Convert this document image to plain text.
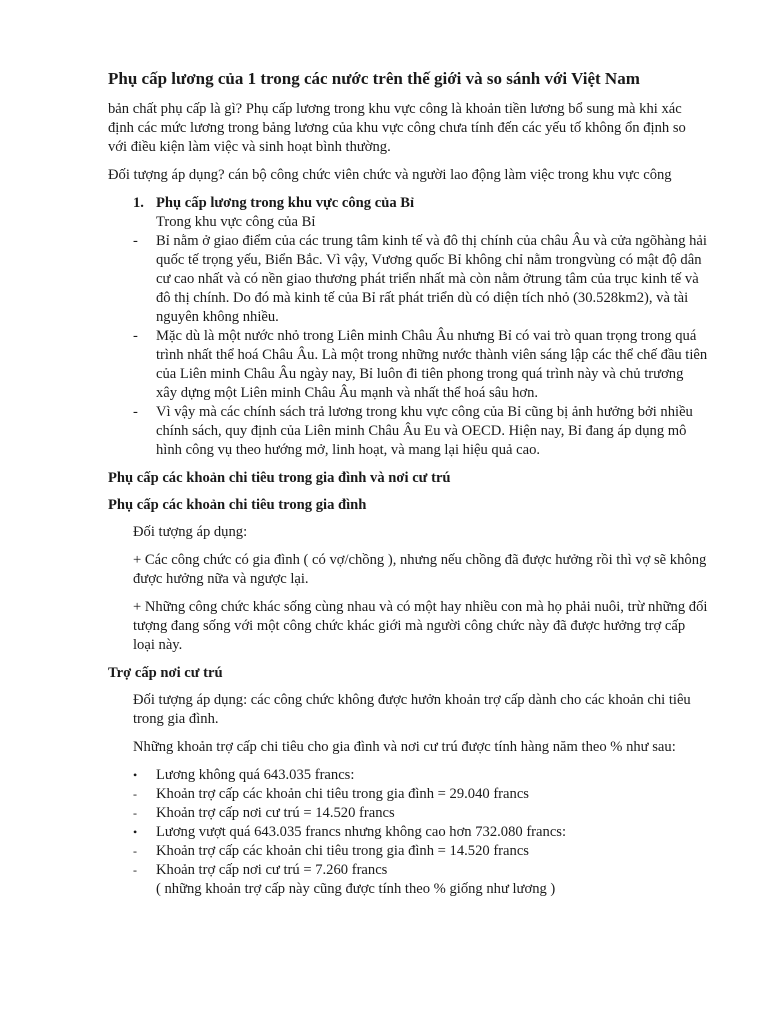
Phụ cấp lương của 1 trong các nước trên thế giới và so sánh với Việt Nam

bản chất phụ cấp là gì? Phụ cấp lương trong khu vực công là khoản tiền lương bổ sung mà khi xác định các mức lương trong bảng lương của khu vực công chưa tính đến các yếu tố không ổn định so với điều kiện làm việc và sinh hoạt bình thường.

Đối tượng áp dụng? cán bộ công chức viên chức và người lao động làm việc trong khu vực công

1. Phụ cấp lương trong khu vực công của Bỉ
Trong khu vực công của Bỉ
- Bỉ nằm ở giao điểm của các trung tâm kinh tế và đô thị chính của châu Âu và cửa ngõhàng hải quốc tế trọng yếu, Biển Bắc. Vì vậy, Vương quốc Bỉ không chỉ nằm trongvùng có mật độ dân cư cao nhất và có nền giao thương phát triển nhất mà còn nằm ởtrung tâm của trục kinh tế và đô thị chính. Do đó mà kinh tế của Bỉ rất phát triển dù có diện tích nhỏ (30.528km2), và tài nguyên không nhiều.
- Mặc dù là một nước nhỏ trong Liên minh Châu Âu nhưng Bỉ có vai trò quan trọng trong quá trình nhất thể hoá Châu Âu. Là một trong những nước thành viên sáng lập các thể chế đầu tiên của Liên minh Châu Âu ngày nay, Bỉ luôn đi tiên phong trong quá trình này và chủ trương xây dựng một Liên minh Châu Âu mạnh và nhất thể hoá sâu hơn.
- Vì vậy mà các chính sách trả lương trong khu vực công của Bỉ cũng bị ảnh hưởng bởi nhiều chính sách, quy định của Liên minh Châu Âu Eu và OECD. Hiện nay, Bỉ đang áp dụng mô hình công vụ theo hướng mở, linh hoạt, và mang lại hiệu quả cao.
Phụ cấp các khoản chi tiêu trong gia đình và nơi cư trú
Phụ cấp các khoản chi tiêu trong gia đình

Đối tượng áp dụng:

+ Các công chức có gia đình ( có vợ/chồng ), nhưng nếu chồng đã được hưởng rồi thì vợ sẽ không được hưởng nữa và ngược lại.

+ Những công chức khác sống cùng nhau và có một hay nhiều con mà họ phải nuôi, trừ những đối tượng đang sống với một công chức khác giới mà người công chức này đã được hưởng trợ cấp loại này.

Trợ cấp nơi cư trú

Đối tượng áp dụng: các công chức không được hưởn khoản trợ cấp dành cho các khoản chi tiêu trong gia đình.

Những khoản trợ cấp chi tiêu cho gia đình và nơi cư trú được tính hàng năm theo % như sau:

• Lương không quá 643.035 francs:
- Khoản trợ cấp các khoản chi tiêu trong gia đình = 29.040 francs
- Khoản trợ cấp nơi cư trú = 14.520 francs
• Lương vượt quá 643.035 francs nhưng không cao hơn 732.080 francs:
- Khoản trợ cấp các khoản chi tiêu trong gia đình = 14.520 francs
- Khoản trợ cấp nơi cư trú = 7.260 francs
( những khoản trợ cấp này cũng được tính theo % giống như lương )
